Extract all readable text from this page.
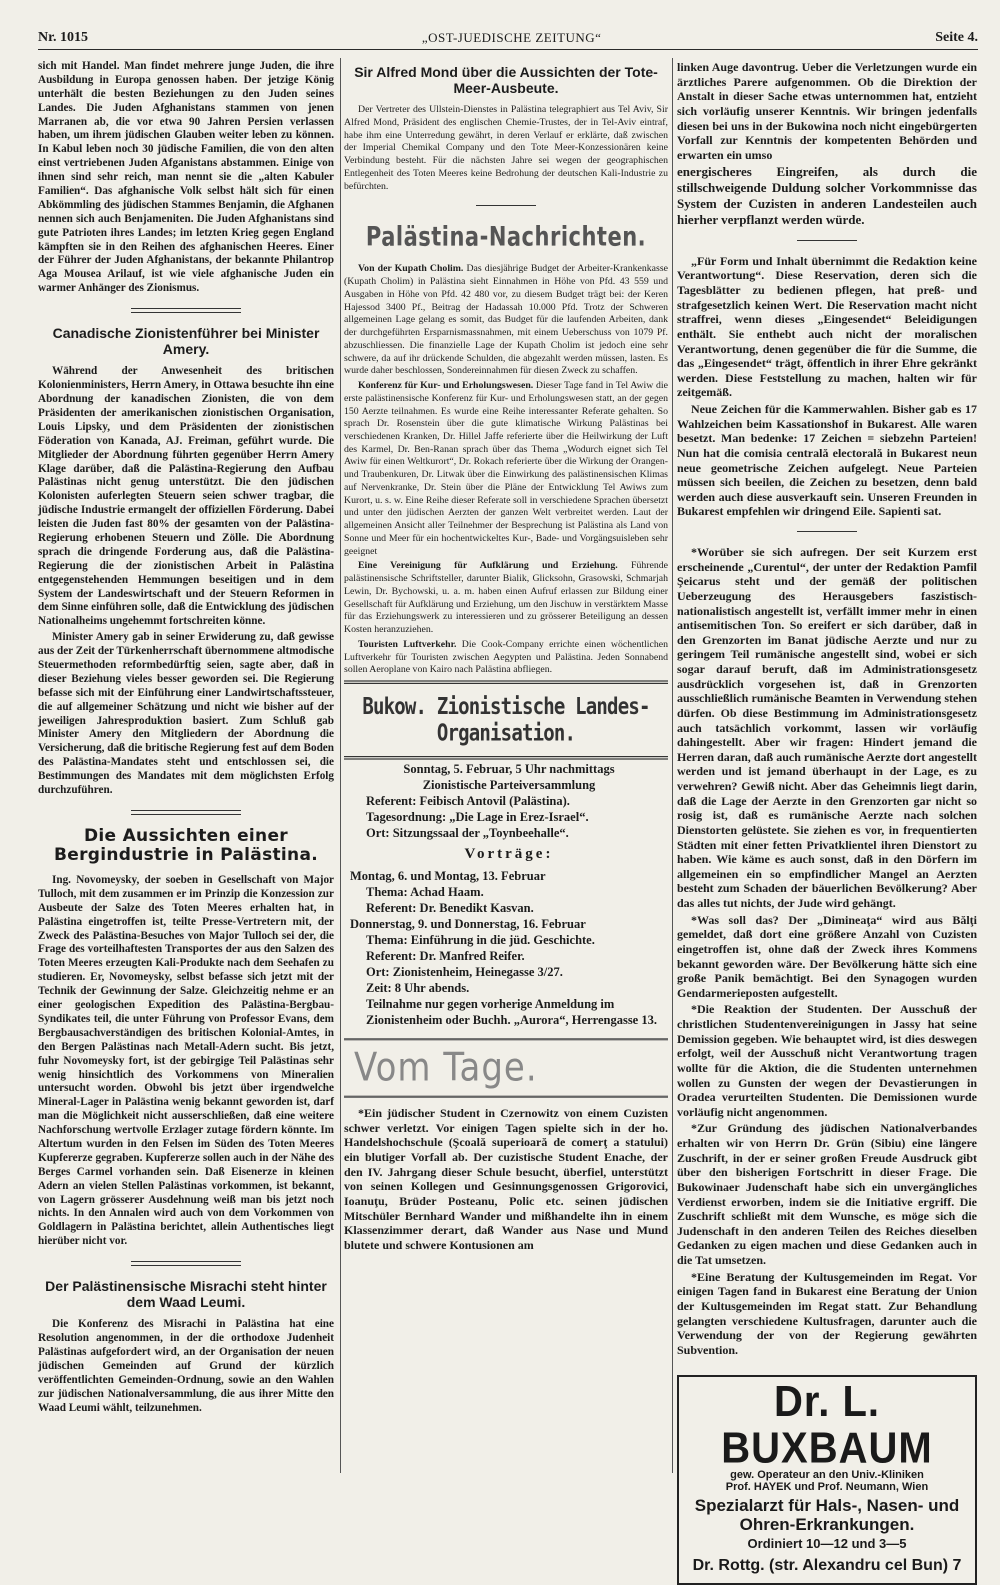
Nr. 1015	„OST-JUEDISCHE ZEITUNG“	Seite 4.

sich mit Handel. Man findet mehrere junge Juden, die ihre Ausbildung in Europa genossen haben. Der jetzige König unterhält die besten Beziehungen zu den Juden seines Landes. Die Juden Afghanistans stammen von jenen Marranen ab, die vor etwa 90 Jahren Persien verlassen haben, um ihrem jüdischen Glauben weiter leben zu können. In Kabul leben noch 30 jüdische Familien, die von den alten einst vertriebenen Juden Afganistans abstammen. Einige von ihnen sind sehr reich, man nennt sie die „alten Kabuler Familien“. Das afghanische Volk selbst hält sich für einen Abkömmling des jüdischen Stammes Benjamin, die Afghanen nennen sich auch Benjameniten. Die Juden Afghanistans sind gute Patrioten ihres Landes; im letzten Krieg gegen England kämpften sie in den Reihen des afghanischen Heeres. Einer der Führer der Juden Afghanistans, der bekannte Philantrop Aga Mousea Arilauf, ist wie viele afghanische Juden ein warmer Anhänger des Zionismus.

Canadische Zionistenführer bei Minister Amery.

Während der Anwesenheit des britischen Kolonienministers, Herrn Amery, in Ottawa besuchte ihn eine Abordnung der kanadischen Zionisten, die von dem Präsidenten der amerikanischen zionistischen Organisation, Louis Lipsky, und dem Präsidenten der zionistischen Föderation von Kanada, AJ. Freiman, geführt wurde. Die Mitglieder der Abordnung führten gegenüber Herrn Amery Klage darüber, daß die Palästina-Regierung den Aufbau Palästinas nicht genug unterstützt. Die den jüdischen Kolonisten auferlegten Steuern seien schwer tragbar, die jüdische Industrie ermangelt der offiziellen Förderung. Dabei leisten die Juden fast 80% der gesamten von der Palästina-Regierung erhobenen Steuern und Zölle. Die Abordnung sprach die dringende Forderung aus, daß die Palästina-Regierung die der zionistischen Arbeit in Palästina entgegenstehenden Hemmungen beseitigen und in dem System der Landeswirtschaft und der Steuern Reformen in dem Sinne einführen solle, daß die Entwicklung des jüdischen Nationalheims ungehemmt fortschreiten könne.

Minister Amery gab in seiner Erwiderung zu, daß gewisse aus der Zeit der Türkenherrschaft übernommene altmodische Steuermethoden reformbedürftig seien, sagte aber, daß in dieser Beziehung vieles besser geworden sei. Die Regierung befasse sich mit der Einführung einer Landwirtschaftssteuer, die auf allgemeiner Schätzung und nicht wie bisher auf der jeweiligen Jahresproduktion basiert. Zum Schluß gab Minister Amery den Mitgliedern der Abordnung die Versicherung, daß die britische Regierung fest auf dem Boden des Palästina-Mandates steht und entschlossen sei, die Bestimmungen des Mandates mit dem möglichsten Erfolg durchzuführen.

Die Aussichten einer Bergindustrie in Palästina.

Ing. Novomeysky, der soeben in Gesellschaft von Major Tulloch, mit dem zusammen er im Prinzip die Konzession zur Ausbeute der Salze des Toten Meeres erhalten hat, in Palästina eingetroffen ist, teilte Presse-Vertretern mit, der Zweck des Palästina-Besuches von Major Tulloch sei der, die Frage des vorteilhaftesten Transportes der aus den Salzen des Toten Meeres erzeugten Kali-Produkte nach dem Seehafen zu studieren. Er, Novomeysky, selbst befasse sich jetzt mit der Technik der Gewinnung der Salze. Gleichzeitig nehme er an einer geologischen Expedition des Palästina-Bergbau-Syndikates teil, die unter Führung von Professor Evans, dem Bergbausachverständigen des britischen Kolonial-Amtes, in den Bergen Palästinas nach Metall-Adern sucht. Bis jetzt, fuhr Novomeysky fort, ist der gebirgige Teil Palästinas sehr wenig hinsichtlich des Vorkommens von Mineralien untersucht worden. Obwohl bis jetzt über irgendwelche Mineral-Lager in Palästina wenig bekannt geworden ist, darf man die Möglichkeit nicht ausserschließen, daß eine weitere Nachforschung wertvolle Erzlager zutage fördern könnte. Im Altertum wurden in den Felsen im Süden des Toten Meeres Kupfererze gegraben. Kupfererze sollen auch in der Nähe des Berges Carmel vorhanden sein. Daß Eisenerze in kleinen Adern an vielen Stellen Palästinas vorkommen, ist bekannt, von Lagern grösserer Ausdehnung weiß man bis jetzt noch nichts. In den Annalen wird auch von dem Vorkommen von Goldlagern in Palästina berichtet, allein Authentisches liegt hierüber nicht vor.

Der Palästinensische Misrachi steht hinter dem Waad Leumi.

Die Konferenz des Misrachi in Palästina hat eine Resolution angenommen, in der die orthodoxe Judenheit Palästinas aufgefordert wird, an der Organisation der neuen jüdischen Gemeinden auf Grund der kürzlich veröffentlichten Gemeinden-Ordnung, sowie an den Wahlen zur jüdischen Nationalversammlung, die aus ihrer Mitte den Waad Leumi wählt, teilzunehmen.

Sir Alfred Mond über die Aussichten der Tote-Meer-Ausbeute.

Der Vertreter des Ullstein-Dienstes in Palästina telegraphiert aus Tel Aviv, Sir Alfred Mond, Präsident des englischen Chemie-Trustes, der in Tel-Aviv eintraf, habe ihm eine Unterredung gewährt, in deren Verlauf er erklärte, daß zwischen der Imperial Chemikal Company und den Tote Meer-Konzessionären keine Verbindung besteht. Für die nächsten Jahre sei wegen der geographischen Entlegenheit des Toten Meeres keine Bedrohung der deutschen Kali-Industrie zu befürchten.

Palästina-Nachrichten.

Von der Kupath Cholim. Das diesjährige Budget der Arbeiter-Krankenkasse (Kupath Cholim) in Palästina sieht Einnahmen in Höhe von Pfd. 43 559 und Ausgaben in Höhe von Pfd. 42 480 vor, zu diesem Budget trägt bei: der Keren Hajessod 3400 Pf., Beitrag der Hadassah 10.000 Pfd. Trotz der Schweren allgemeinen Lage gelang es somit, das Budget für die laufenden Arbeiten, dank der durchgeführten Ersparnismassnahmen, mit einem Ueberschuss von 1079 Pf. abzuschliessen. Die finanzielle Lage der Kupath Cholim ist jedoch eine sehr schwere, da auf ihr drückende Schulden, die abgezahlt werden müssen, lasten. Es wurde daher beschlossen, Sondereinnahmen für diesen Zweck zu schaffen.

Konferenz für Kur- und Erholungswesen. Dieser Tage fand in Tel Awiw die erste palästinensische Konferenz für Kur- und Erholungswesen statt, an der gegen 150 Aerzte teilnahmen. Es wurde eine Reihe interessanter Referate gehalten. So sprach Dr. Rosenstein über die gute klimatische Wirkung Palästinas bei verschiedenen Kranken, Dr. Hillel Jaffe referierte über die Heilwirkung der Luft des Karmel, Dr. Ben-Ranan sprach über das Thema „Wodurch eignet sich Tel Awiw für einen Weltkurort“, Dr. Rokach referierte über die Wirkung der Orangen- und Traubenkuren, Dr. Litwak über die Einwirkung des palästinensischen Klimas auf Nervenkranke, Dr. Stein über die Pläne der Entwicklung Tel Awiws zum Kurort, u. s. w. Eine Reihe dieser Referate soll in verschiedene Sprachen übersetzt und unter den jüdischen Aerzten der ganzen Welt verbreitet werden. Laut der allgemeinen Ansicht aller Teilnehmer der Besprechung ist Palästina als Land von Sonne und Meer für ein hochentwickeltes Kur-, Bade- und Vorgängsuisleben sehr geeignet

Eine Vereinigung für Aufklärung und Erziehung. Führende palästinensische Schriftsteller, darunter Bialik, Glicksohn, Grasowski, Schmarjah Lewin, Dr. Bychowski, u. a. m. haben einen Aufruf erlassen zur Bildung einer Gesellschaft für Aufklärung und Erziehung, um den Jischuw in verstärktem Masse für das Erziehungswerk zu interessieren und zu grösserer Beteiligung an dessen Kosten heranzuziehen.

Touristen Luftverkehr. Die Cook-Company errichte einen wöchentlichen Luftverkehr für Touristen zwischen Aegypten und Palästina. Jeden Sonnabend sollen Aeroplane von Kairo nach Palästina abfliegen.

Bukow. Zionistische Landes-Organisation.
Sonntag, 5. Februar, 5 Uhr nachmittags
Zionistische Parteiversammlung
Referent: Feibisch Antovil (Palästina).
Tagesordnung: „Die Lage in Erez-Israel“.
Ort: Sitzungssaal der „Toynbeehalle“.
Vorträge:
Montag, 6. und Montag, 13. Februar
Thema: Achad Haam.
Referent: Dr. Benedikt Kasvan.
Donnerstag, 9. und Donnerstag, 16. Februar
Thema: Einführung in die jüd. Geschichte.
Referent: Dr. Manfred Reifer.
Ort: Zionistenheim, Heinegasse 3/27.
Zeit: 8 Uhr abends.
Teilnahme nur gegen vorherige Anmeldung im Zionistenheim oder Buchh. „Aurora“, Herrengasse 13.
Vom Tage.

*Ein jüdischer Student in Czernowitz von einem Cuzisten schwer verletzt. Vor einigen Tagen spielte sich in der ho. Handelshochschule (Şcoală superioară de comerţ a statului) ein blutiger Vorfall ab. Der cuzistische Student Enache, der den IV. Jahrgang dieser Schule besucht, überfiel, unterstützt von seinen Kollegen und Gesinnungsgenossen Grigorovici, Ioanuţu, Brüder Posteanu, Polic etc. seinen jüdischen Mitschüler Bernhard Wander und mißhandelte ihn in einem Klassenzimmer derart, daß Wander aus Nase und Mund blutete und schwere Kontusionen am

linken Auge davontrug. Ueber die Verletzungen wurde ein ärztliches Parere aufgenommen. Ob die Direktion der Anstalt in dieser Sache etwas unternommen hat, entzieht sich vorläufig unserer Kenntnis. Wir bringen jedenfalls diesen bei uns in der Bukowina noch nicht eingebürgerten Vorfall zur Kenntnis der kompetenten Behörden und erwarten ein umso

energischeres Eingreifen, als durch die stillschweigende Duldung solcher Vorkommnisse das System der Cuzisten in anderen Landesteilen auch hierher verpflanzt werden würde.

„Für Form und Inhalt übernimmt die Redaktion keine Verantwortung“. Diese Reservation, deren sich die Tagesblätter zu bedienen pflegen, hat preß- und strafgesetzlich keinen Wert. Die Reservation macht nicht straffrei, wenn dieses „Eingesendet“ Beleidigungen enthält. Sie enthebt auch nicht der moralischen Verantwortung, denen gegenüber die für die Summe, die das „Eingesendet“ trägt, öffentlich in ihrer Ehre gekränkt werden. Diese Feststellung zu machen, halten wir für zeitgemäß.

Neue Zeichen für die Kammerwahlen. Bisher gab es 17 Wahlzeichen beim Kassationshof in Bukarest. Alle waren besetzt. Man bedenke: 17 Zeichen = siebzehn Parteien! Nun hat die comisia centrală electorală in Bukarest neun neue geometrische Zeichen aufgelegt. Neue Parteien müssen sich beeilen, die Zeichen zu besetzen, denn bald werden auch diese ausverkauft sein. Unseren Freunden in Bukarest empfehlen wir dringend Eile. Sapienti sat.

*Worüber sie sich aufregen. Der seit Kurzem erst erscheinende „Curentul“, der unter der Redaktion Pamfil Şeicarus steht und der gemäß der politischen Ueberzeugung des Herausgebers faszistisch-nationalistisch angestellt ist, verfällt immer mehr in einen antisemitischen Ton. So ereifert er sich darüber, daß in den Grenzorten im Banat jüdische Aerzte und nur zu geringem Teil rumänische angestellt sind, wobei er sich sogar darauf beruft, daß im Administrationsgesetz ausdrücklich vorgesehen ist, daß in Grenzorten ausschließlich rumänische Beamten in Verwendung stehen dürfen. Ob diese Bestimmung im Administrationsgesetz auch tatsächlich vorkommt, lassen wir vorläufig dahingestellt. Aber wir fragen: Hindert jemand die Herren daran, daß auch rumänische Aerzte dort angestellt werden und ist jemand überhaupt in der Lage, es zu verwehren? Gewiß nicht. Aber das Geheimnis liegt darin, daß die Lage der Aerzte in den Grenzorten gar nicht so rosig ist, daß es rumänische Aerzte nach solchen Dienstorten gelüstete. Sie ziehen es vor, in frequentierten Städten mit einer fetten Privatklientel ihren Dienstort zu haben. Wie käme es auch sonst, daß in den Dörfern im allgemeinen ein so empfindlicher Mangel an Aerzten besteht zum Schaden der bäuerlichen Bevölkerung? Aber das alles tut nichts, der Jude wird gehängt.

*Was soll das? Der „Dimineaţa“ wird aus Bălţi gemeldet, daß dort eine größere Anzahl von Cuzisten eingetroffen ist, ohne daß der Zweck ihres Kommens bekannt geworden wäre. Der Bevölkerung hätte sich eine große Panik bemächtigt. Bei den Synagogen wurden Gendarmerieposten aufgestellt.

*Die Reaktion der Studenten. Der Ausschuß der christlichen Studentenvereinigungen in Jassy hat seine Demission gegeben. Wie behauptet wird, ist dies deswegen erfolgt, weil der Ausschuß nicht Verantwortung tragen wollte für die Aktion, die die Studenten unternehmen wollen zu Gunsten der wegen der Devastierungen in Oradea verurteilten Studenten. Die Demissionen wurde vorläufig nicht angenommen.

*Zur Gründung des jüdischen Nationalverbandes erhalten wir von Herrn Dr. Grün (Sibiu) eine längere Zuschrift, in der er seiner großen Freude Ausdruck gibt über den bisherigen Fortschritt in dieser Frage. Die Bukowinaer Judenschaft habe sich ein unvergängliches Verdienst erworben, indem sie die Initiative ergriff. Die Zuschrift schließt mit dem Wunsche, es möge sich die Judenschaft in den anderen Teilen des Reiches dieselben Gedanken zu eigen machen und diese Gedanken auch in die Tat umsetzen.

*Eine Beratung der Kultusgemeinden im Regat. Vor einigen Tagen fand in Bukarest eine Beratung der Union der Kultusgemeinden im Regat statt. Zur Behandlung gelangten verschiedene Kultusfragen, darunter auch die Verwendung der von der Regierung gewährten Subvention.

Dr. L. BUXBAUM
gew. Operateur an den Univ.-Kliniken
Prof. HAYEK und Prof. Neumann, Wien
Spezialarzt für Hals-, Nasen- und Ohren-Erkrankungen.
Ordiniert 10—12 und 3—5
Dr. Rottg. (str. Alexandru cel Bun) 7
